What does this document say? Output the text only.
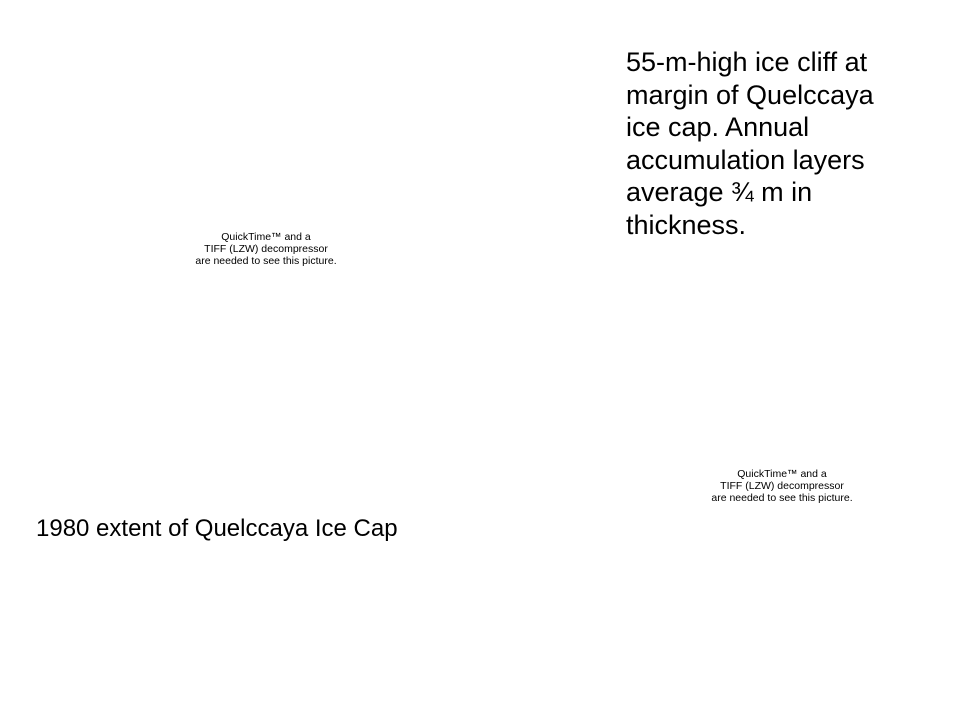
QuickTime™ and a
TIFF (LZW) decompressor
are needed to see this picture.
55-m-high ice cliff at
margin of Quelccaya
ice cap. Annual
accumulation layers
average ¾ m in
thickness.
QuickTime™ and a
TIFF (LZW) decompressor
are needed to see this picture.
1980 extent of Quelccaya Ice Cap
